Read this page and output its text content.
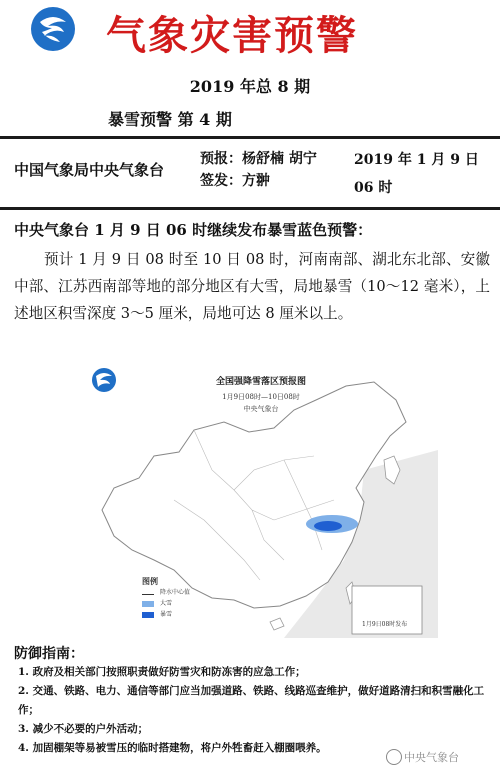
气象灾害预警
2019 年总 8 期
暴雪预警 第 4 期
中国气象局中央气象台
预报：杨舒楠 胡宁
签发：方翀
2019 年 1 月 9 日 06 时
中央气象台 1 月 9 日 06 时继续发布暴雪蓝色预警：
预计 1 月 9 日 08 时至 10 日 08 时，河南南部、湖北东北部、安徽中部、江苏西南部等地的部分地区有大雪，局地暴雪（10～12 毫米），上述地区积雪深度 3～5 厘米，局地可达 8 厘米以上。
全国强降雪落区预报图
1月9日08时—10日08时
中央气象台
图例
降水中心值
大雪
暴雪
1月9日08时发布
防御指南：

1. 政府及相关部门按照职责做好防雪灾和防冻害的应急工作；

2. 交通、铁路、电力、通信等部门应当加强道路、铁路、线路巡查维护，做好道路清扫和积雪融化工作；

3. 减少不必要的户外活动；

4. 加固棚架等易被雪压的临时搭建物，将户外牲畜赶入棚圈喂养。

中央气象台
